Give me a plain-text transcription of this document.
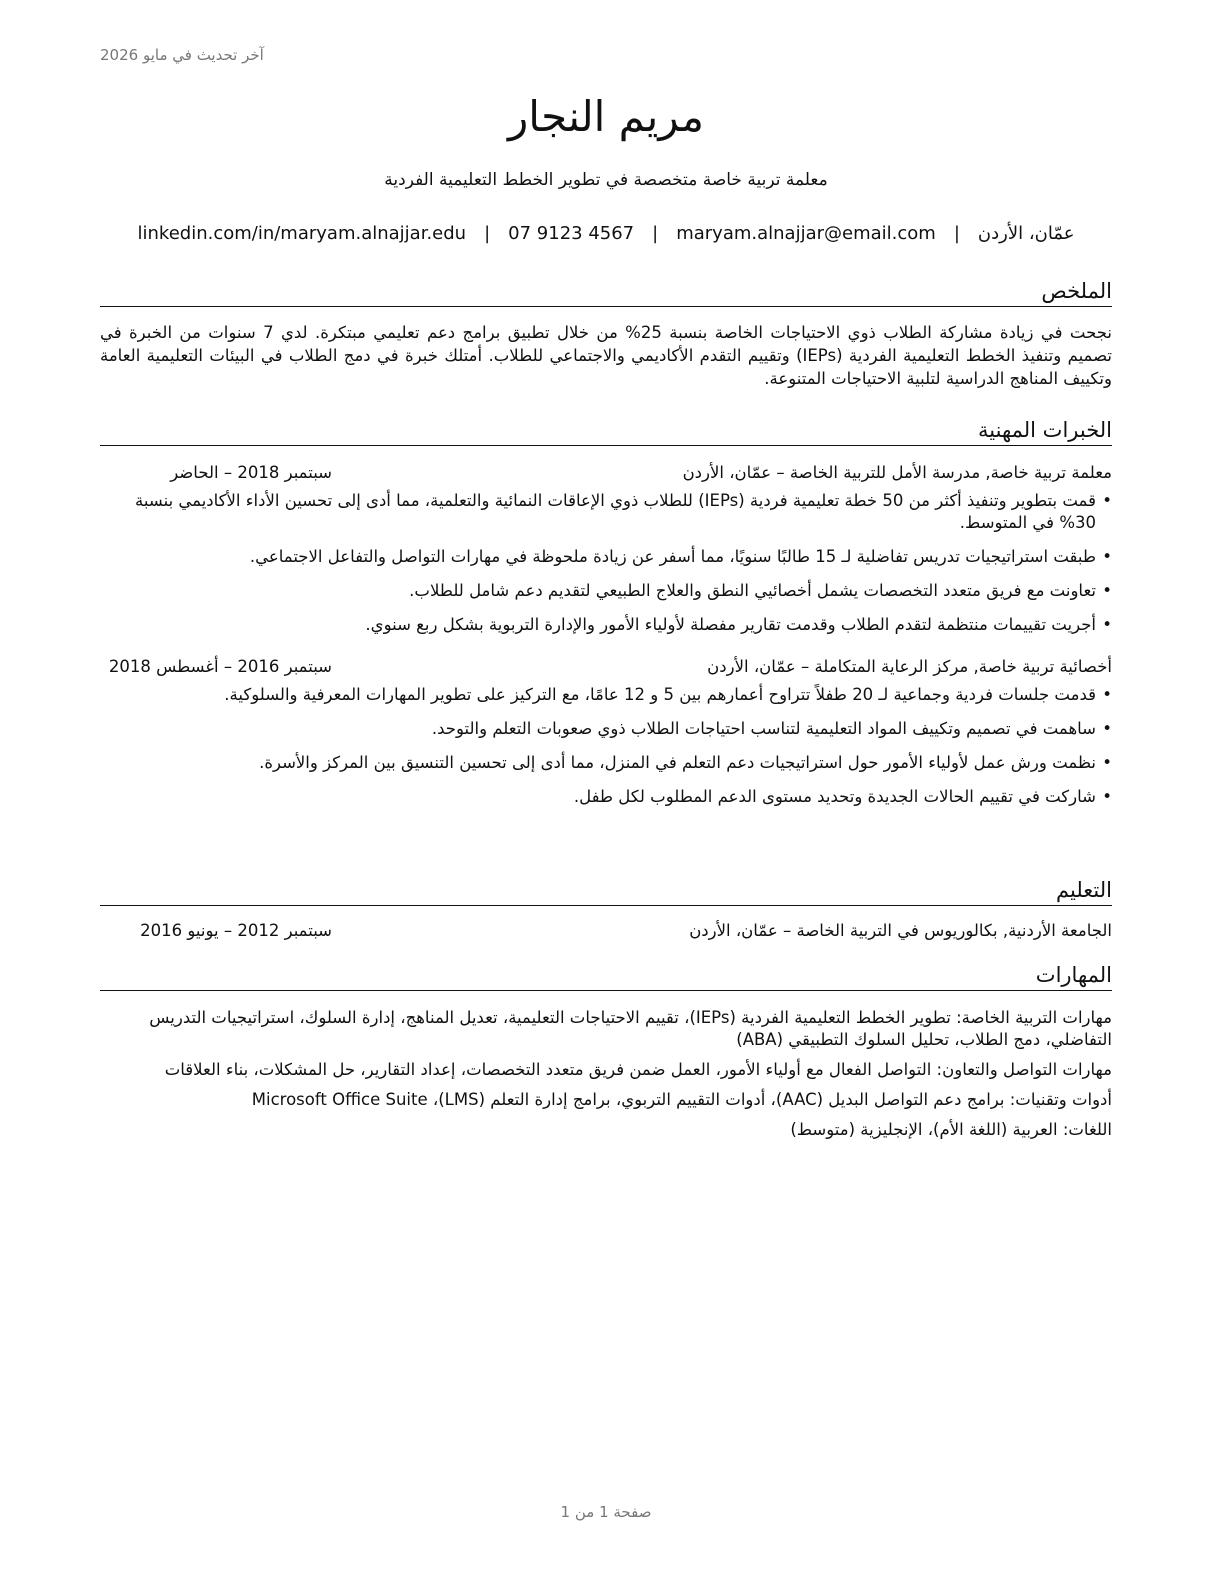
آخر تحديث في مايو 2026
مريم النجار
معلمة تربية خاصة متخصصة في تطوير الخطط التعليمية الفردية
عمّان، الأردن
|
maryam.alnajjar@email.com
|
07 9123 4567
|
linkedin.com/in/maryam.alnajjar.edu
الملخص

نجحت في زيادة مشاركة الطلاب ذوي الاحتياجات الخاصة بنسبة 25% من خلال تطبيق برامج دعم تعليمي مبتكرة. لدي 7 سنوات من الخبرة في تصميم وتنفيذ الخطط التعليمية الفردية (IEPs) وتقييم التقدم الأكاديمي والاجتماعي للطلاب. أمتلك خبرة في دمج الطلاب في البيئات التعليمية العامة وتكييف المناهج الدراسية لتلبية الاحتياجات المتنوعة.

الخبرات المهنية
معلمة تربية خاصة, مدرسة الأمل للتربية الخاصة – عمّان، الأردن
سبتمبر 2018 – الحاضر
• قمت بتطوير وتنفيذ أكثر من 50 خطة تعليمية فردية (IEPs) للطلاب ذوي الإعاقات النمائية والتعلمية، مما أدى إلى تحسين الأداء الأكاديمي بنسبة 30% في المتوسط.
• طبقت استراتيجيات تدريس تفاضلية لـ 15 طالبًا سنويًا، مما أسفر عن زيادة ملحوظة في مهارات التواصل والتفاعل الاجتماعي.
• تعاونت مع فريق متعدد التخصصات يشمل أخصائيي النطق والعلاج الطبيعي لتقديم دعم شامل للطلاب.
• أجريت تقييمات منتظمة لتقدم الطلاب وقدمت تقارير مفصلة لأولياء الأمور والإدارة التربوية بشكل ربع سنوي.
أخصائية تربية خاصة, مركز الرعاية المتكاملة – عمّان، الأردن
سبتمبر 2016 – أغسطس 2018
• قدمت جلسات فردية وجماعية لـ 20 طفلاً تتراوح أعمارهم بين 5 و 12 عامًا، مع التركيز على تطوير المهارات المعرفية والسلوكية.
• ساهمت في تصميم وتكييف المواد التعليمية لتناسب احتياجات الطلاب ذوي صعوبات التعلم والتوحد.
• نظمت ورش عمل لأولياء الأمور حول استراتيجيات دعم التعلم في المنزل، مما أدى إلى تحسين التنسيق بين المركز والأسرة.
• شاركت في تقييم الحالات الجديدة وتحديد مستوى الدعم المطلوب لكل طفل.
التعليم
الجامعة الأردنية, بكالوريوس في التربية الخاصة – عمّان، الأردن
سبتمبر 2012 – يونيو 2016
المهارات
مهارات التربية الخاصة: تطوير الخطط التعليمية الفردية (IEPs)، تقييم الاحتياجات التعليمية، تعديل المناهج، إدارة السلوك، استراتيجيات التدريس التفاضلي، دمج الطلاب، تحليل السلوك التطبيقي (ABA)
مهارات التواصل والتعاون: التواصل الفعال مع أولياء الأمور، العمل ضمن فريق متعدد التخصصات، إعداد التقارير، حل المشكلات، بناء العلاقات
أدوات وتقنيات: برامج دعم التواصل البديل (AAC)، أدوات التقييم التربوي، برامج إدارة التعلم (LMS)، Microsoft Office Suite
اللغات: العربية (اللغة الأم)، الإنجليزية (متوسط)
صفحة 1 من 1
